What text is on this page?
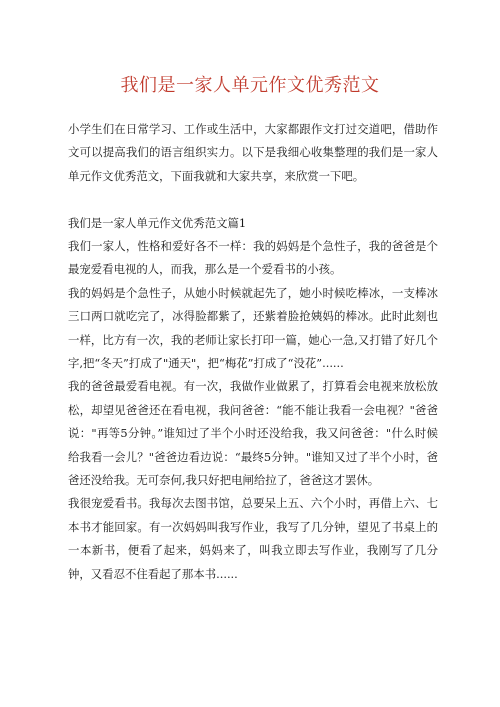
我们是一家人单元作文优秀范文

小学生们在日常学习、工作或生活中，大家都跟作文打过交道吧，借助作文可以提高我们的语言组织实力。以下是我细心收集整理的我们是一家人单元作文优秀范文，下面我就和大家共享，来欣赏一下吧。

我们是一家人单元作文优秀范文篇1

我们一家人，性格和爱好各不一样：我的妈妈是个急性子，我的爸爸是个最宠爱看电视的人，而我，那么是一个爱看书的小孩。

我的妈妈是个急性子，从她小时候就起先了，她小时候吃棒冰，一支棒冰三口两口就吃完了，冰得脸都紫了，还紫着脸抢姨妈的棒冰。此时此刻也一样，比方有一次，我的老师让家长打印一篇，她心一急,又打错了好几个字,把“冬天”打成了"通天"，把“梅花”打成了“没花”......

我的爸爸最爱看电视。有一次，我做作业做累了，打算看会电视来放松放松，却望见爸爸还在看电视，我问爸爸：“能不能让我看一会电视？"爸爸说："再等5分钟。”谁知过了半个小时还没给我，我又问爸爸："什么时候给我看一会儿？"爸爸边看边说：“最终5分钟。"谁知又过了半个小时，爸爸还没给我。无可奈何,我只好把电闸给拉了，爸爸这才罢休。

我很宠爱看书。我每次去图书馆，总要呆上五、六个小时，再借上六、七本书才能回家。有一次妈妈叫我写作业，我写了几分钟，望见了书桌上的一本新书，便看了起来，妈妈来了，叫我立即去写作业，我刚写了几分钟，又看忍不住看起了那本书......
